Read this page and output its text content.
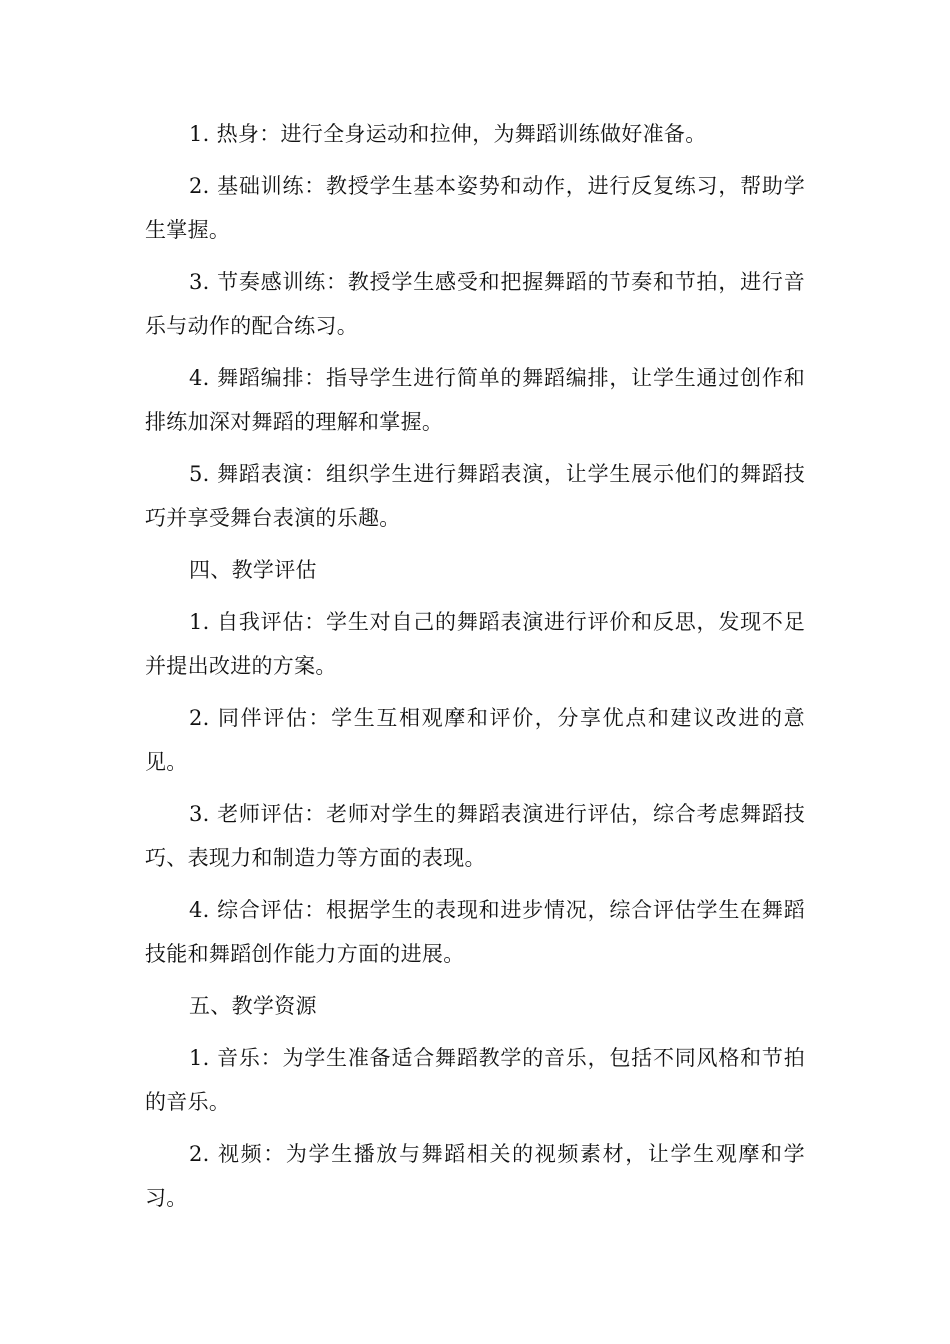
1. 热身：进行全身运动和拉伸，为舞蹈训练做好准备。

2. 基础训练：教授学生基本姿势和动作，进行反复练习，帮助学生掌握。

3. 节奏感训练：教授学生感受和把握舞蹈的节奏和节拍，进行音乐与动作的配合练习。

4. 舞蹈编排：指导学生进行简单的舞蹈编排，让学生通过创作和排练加深对舞蹈的理解和掌握。

5. 舞蹈表演：组织学生进行舞蹈表演，让学生展示他们的舞蹈技巧并享受舞台表演的乐趣。

四、教学评估

1. 自我评估：学生对自己的舞蹈表演进行评价和反思，发现不足并提出改进的方案。

2. 同伴评估：学生互相观摩和评价，分享优点和建议改进的意见。

3. 老师评估：老师对学生的舞蹈表演进行评估，综合考虑舞蹈技巧、表现力和制造力等方面的表现。

4. 综合评估：根据学生的表现和进步情况，综合评估学生在舞蹈技能和舞蹈创作能力方面的进展。

五、教学资源

1. 音乐：为学生准备适合舞蹈教学的音乐，包括不同风格和节拍的音乐。

2. 视频：为学生播放与舞蹈相关的视频素材，让学生观摩和学习。
